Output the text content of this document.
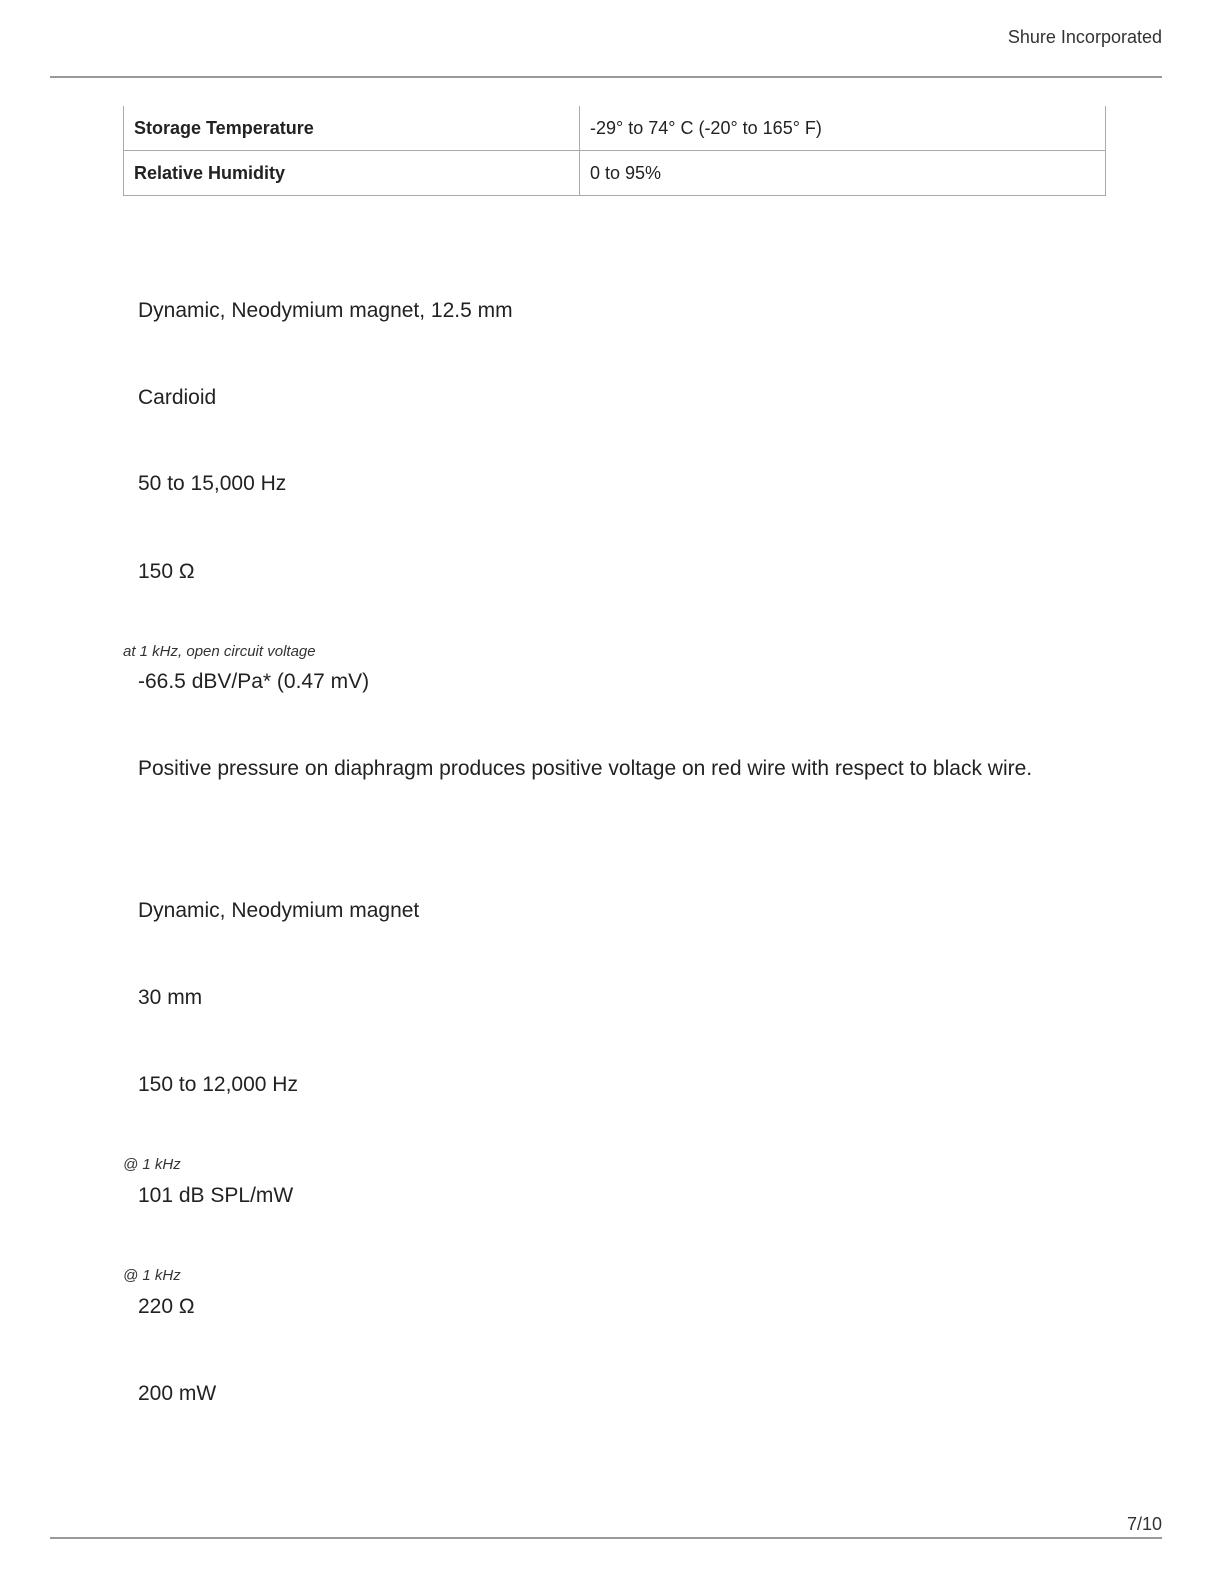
Shure Incorporated
Storage Temperature	-29° to 74° C (-20° to 165° F)
Relative Humidity	0 to 95%
Dynamic, Neodymium magnet, 12.5 mm
Cardioid
50 to 15,000 Hz
150 Ω
at 1 kHz, open circuit voltage
-66.5 dBV/Pa* (0.47 mV)
Positive pressure on diaphragm produces positive voltage on red wire with respect to black wire.
Dynamic, Neodymium magnet
30 mm
150 to 12,000 Hz
@ 1 kHz
101 dB SPL/mW
@ 1 kHz
220 Ω
200 mW
7/10
